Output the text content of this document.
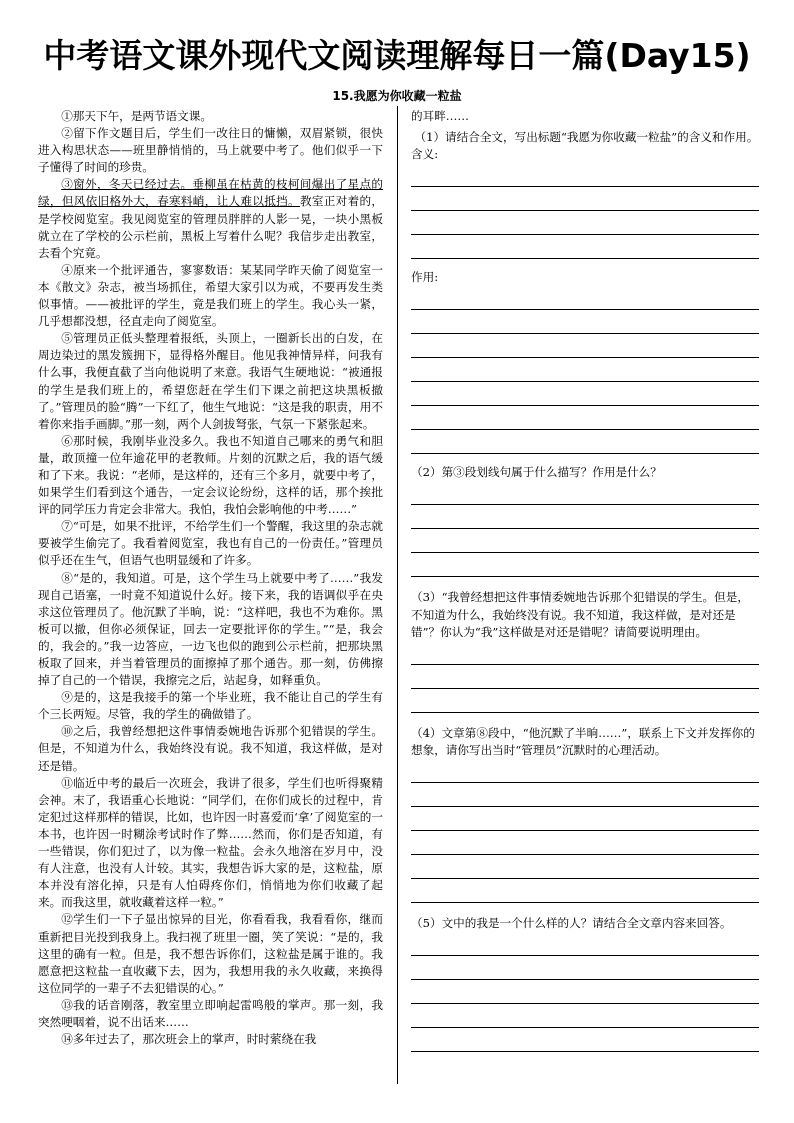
中考语文课外现代文阅读理解每日一篇(Day15)
15.我愿为你收藏一粒盐

①那天下午，是两节语文课。

②留下作文题目后，学生们一改往日的慵懒，双眉紧锁，很快进入构思状态——班里静悄悄的，马上就要中考了。他们似乎一下子懂得了时间的珍贵。

③窗外，冬天已经过去。垂柳虽在枯黄的枝柯间爆出了星点的绿，但风依旧格外大，春寒料峭，让人难以抵挡。教室正对着的，是学校阅览室。我见阅览室的管理员胖胖的人影一晃，一块小黑板就立在了学校的公示栏前，黑板上写着什么呢？我信步走出教室，去看个究竟。

④原来一个批评通告，寥寥数语：某某同学昨天偷了阅览室一本《散文》杂志，被当场抓住，希望大家引以为戒，不要再发生类似事情。——被批评的学生，竟是我们班上的学生。我心头一紧，几乎想都没想，径直走向了阅览室。

⑤管理员正低头整理着报纸，头顶上，一圈新长出的白发，在周边染过的黑发簇拥下，显得格外醒目。他见我神情异样，问我有什么事，我便直截了当向他说明了来意。我语气生硬地说：“被通报的学生是我们班上的，希望您赶在学生们下课之前把这块黑板撤了。”管理员的脸“腾”一下红了，他生气地说：“这是我的职责，用不着你来指手画脚。”那一刻，两个人剑拔弩张，气氛一下紧张起来。

⑥那时候，我刚毕业没多久。我也不知道自己哪来的勇气和胆量，敢顶撞一位年逾花甲的老教师。片刻的沉默之后，我的语气缓和了下来。我说：“老师，是这样的，还有三个多月，就要中考了，如果学生们看到这个通告，一定会议论纷纷，这样的话，那个挨批评的同学压力肯定会非常大。我怕，我怕会影响他的中考……”

⑦“可是，如果不批评，不给学生们一个警醒，我这里的杂志就要被学生偷完了。我看着阅览室，我也有自己的一份责任。”管理员似乎还在生气，但语气也明显缓和了许多。

⑧“是的，我知道。可是，这个学生马上就要中考了……”我发现自己语塞，一时竟不知道说什么好。接下来，我的语调似乎在央求这位管理员了。他沉默了半晌，说：“这样吧，我也不为难你。黑板可以撤，但你必须保证，回去一定要批评你的学生。”“是，我会的，我会的。”我一边答应，一边飞也似的跑到公示栏前，把那块黑板取了回来，并当着管理员的面擦掉了那个通告。那一刻，仿佛擦掉了自己的一个错误，我擦完之后，站起身，如释重负。

⑨是的，这是我接手的第一个毕业班，我不能让自己的学生有个三长两短。尽管，我的学生的确做错了。

⑩之后，我曾经想把这件事情委婉地告诉那个犯错误的学生。但是，不知道为什么，我始终没有说。我不知道，我这样做，是对还是错。

⑪临近中考的最后一次班会，我讲了很多，学生们也听得聚精会神。末了，我语重心长地说：“同学们，在你们成长的过程中，肯定犯过这样那样的错误，比如，也许因一时喜爱而‘拿’了阅览室的一本书，也许因一时糊涂考试时作了弊……然而，你们是否知道，有一些错误，你们犯过了，以为像一粒盐。会永久地溶在岁月中，没有人注意，也没有人计较。其实，我想告诉大家的是，这粒盐，原本并没有溶化掉，只是有人怕碍疼你们，悄悄地为你们收藏了起来。而我这里，就收藏着这样一粒。”

⑫学生们一下子显出惊异的目光，你看看我，我看看你，继而重新把目光投到我身上。我扫视了班里一圈，笑了笑说：“是的，我这里的确有一粒。但是，我不想告诉你们，这粒盐是属于谁的。我愿意把这粒盐一直收藏下去，因为，我想用我的永久收藏，来换得这位同学的一辈子不去犯错误的心。”

⑬我的话音刚落，教室里立即响起雷鸣般的掌声。那一刻，我突然哽咽着，说不出话来……

⑭多年过去了，那次班会上的掌声，时时萦绕在我

的耳畔……

（1）请结合全文，写出标题“我愿为你收藏一粒盐”的含义和作用。

含义:

作用:

（2）第③段划线句属于什么描写？作用是什么？

（3）“我曾经想把这件事情委婉地告诉那个犯错误的学生。但是，不知道为什么，我始终没有说。我不知道，我这样做，是对还是错”？你认为“我”这样做是对还是错呢？请简要说明理由。

（4）文章第⑧段中，“他沉默了半晌……”，联系上下文并发挥你的想象，请你写出当时“管理员”沉默时的心理活动。

（5）文中的我是一个什么样的人？请结合全文章内容来回答。
